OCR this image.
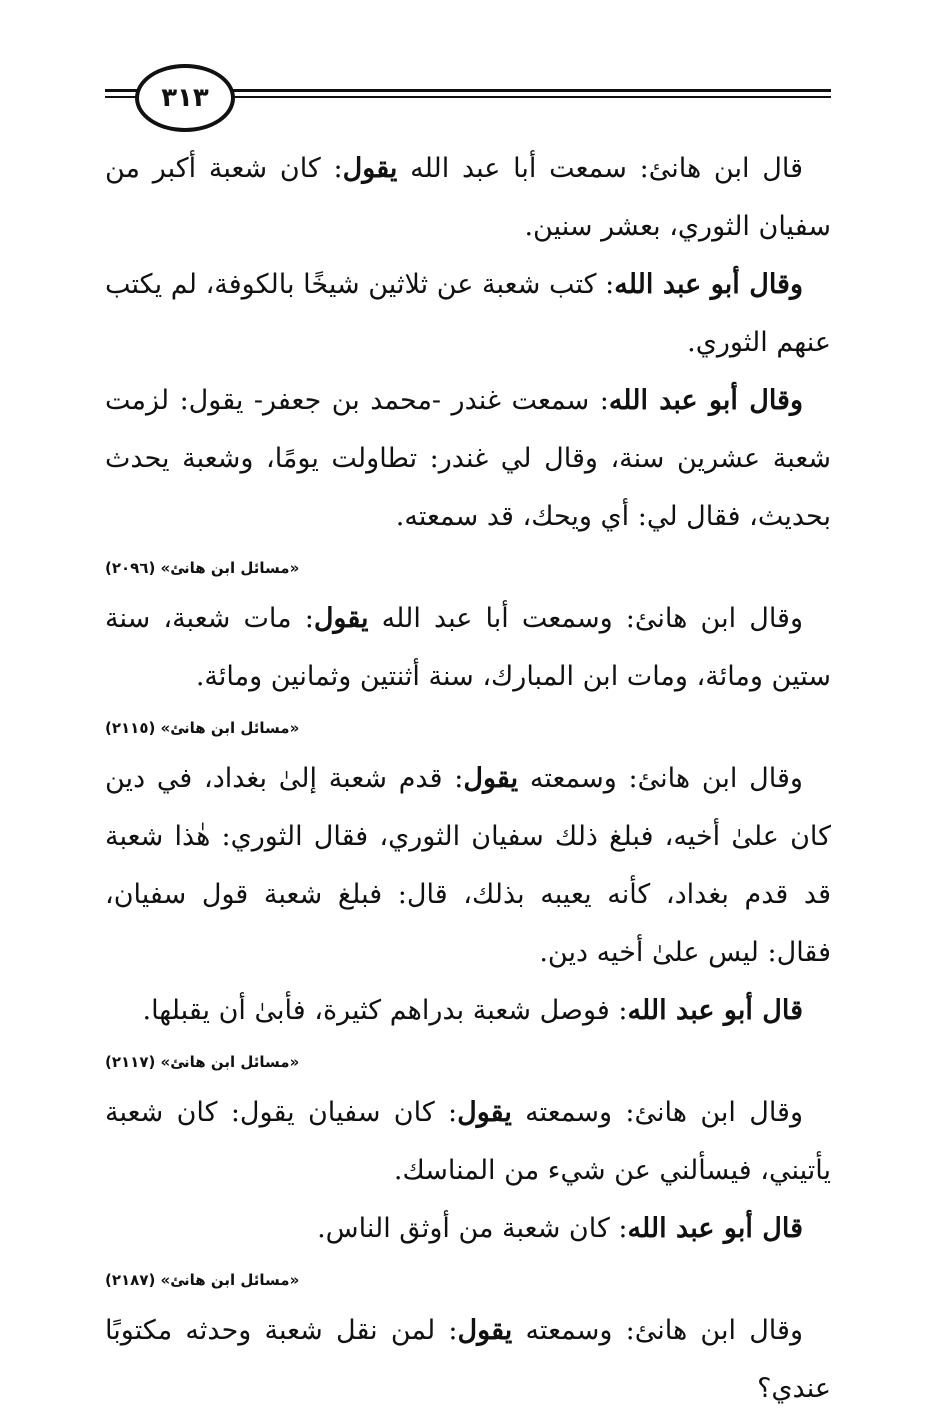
٣١٣

قال ابن هانئ: سمعت أبا عبد الله يقول: كان شعبة أكبر من سفيان الثوري، بعشر سنين.

وقال أبو عبد الله: كتب شعبة عن ثلاثين شيخًا بالكوفة، لم يكتب عنهم الثوري.

وقال أبو عبد الله: سمعت غندر -محمد بن جعفر- يقول: لزمت شعبة عشرين سنة، وقال لي غندر: تطاولت يومًا، وشعبة يحدث بحديث، فقال لي: أي ويحك، قد سمعته.

«مسائل ابن هانئ» (٢٠٩٦)

وقال ابن هانئ: وسمعت أبا عبد الله يقول: مات شعبة، سنة ستين ومائة، ومات ابن المبارك، سنة أثنتين وثمانين ومائة.

«مسائل ابن هانئ» (٢١١٥)

وقال ابن هانئ: وسمعته يقول: قدم شعبة إلىٰ بغداد، في دين كان علىٰ أخيه، فبلغ ذلك سفيان الثوري، فقال الثوري: هٰذا شعبة قد قدم بغداد، كأنه يعيبه بذلك، قال: فبلغ شعبة قول سفيان، فقال: ليس علىٰ أخيه دين.

قال أبو عبد الله: فوصل شعبة بدراهم كثيرة، فأبىٰ أن يقبلها.

«مسائل ابن هانئ» (٢١١٧)

وقال ابن هانئ: وسمعته يقول: كان سفيان يقول: كان شعبة يأتيني، فيسألني عن شيء من المناسك.

قال أبو عبد الله: كان شعبة من أوثق الناس.

«مسائل ابن هانئ» (٢١٨٧)

وقال ابن هانئ: وسمعته يقول: لمن نقل شعبة وحدثه مكتوبًا عندي؟
